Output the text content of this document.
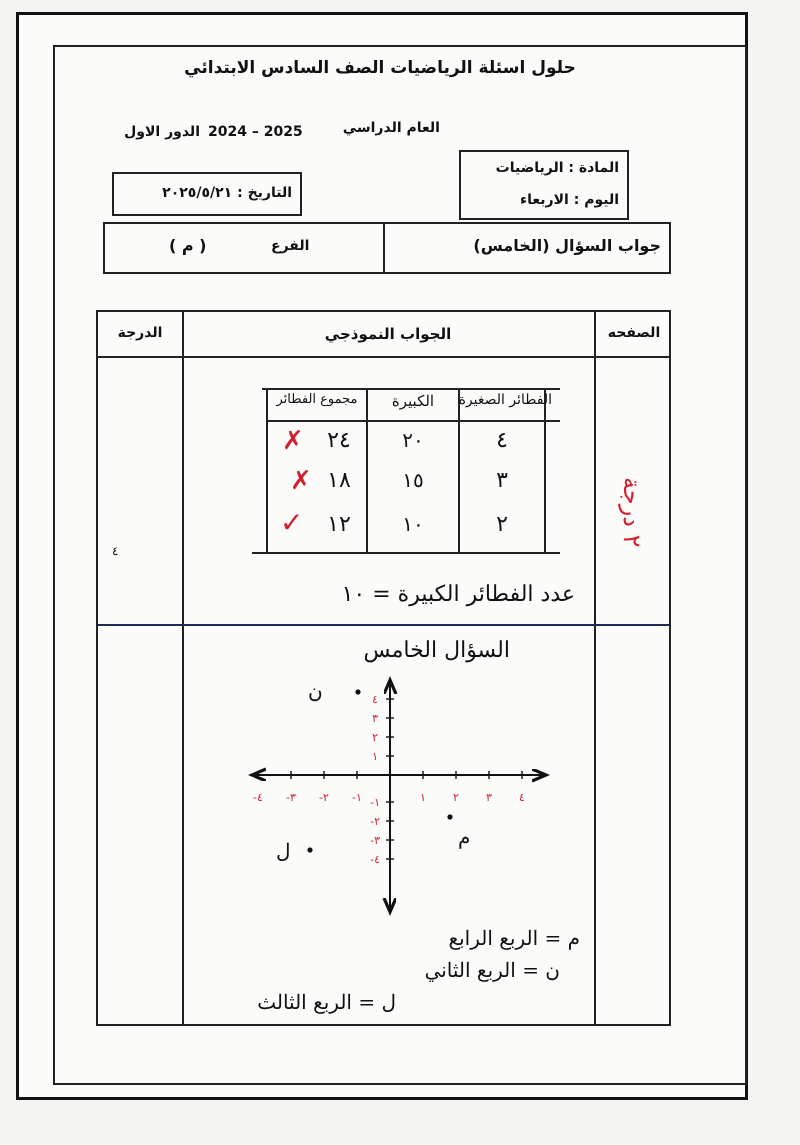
حلول اسئلة الرياضيات الصف السادس الابتدائي
العام الدراسي
2024 – 2025
الدور الاول
المادة : الرياضيات
اليوم : الاربعاء
التاريخ : ٢٠٢٥/٥/٢١
جواب السؤال (الخامس)
الفرع
( م )
الصفحه
الجواب النموذجي
الدرجة
٢ درجة
٤
الفطائر الصغيرة
الكبيرة
مجموع الفطائر
٤
٢٠
٢٤
✗
٣
١٥
١٨
✗
٢
١٠
١٢
✓
عدد الفطائر الكبيرة = ١٠
السؤال الخامس
١ ٢ ٣ ٤
-١
-٢
-٣
-٤
١
٢
٣
٤
-١
-٢
-٣
-٤
م
ن
ل
م = الربع الرابع
ن = الربع الثاني
ل = الربع الثالث
